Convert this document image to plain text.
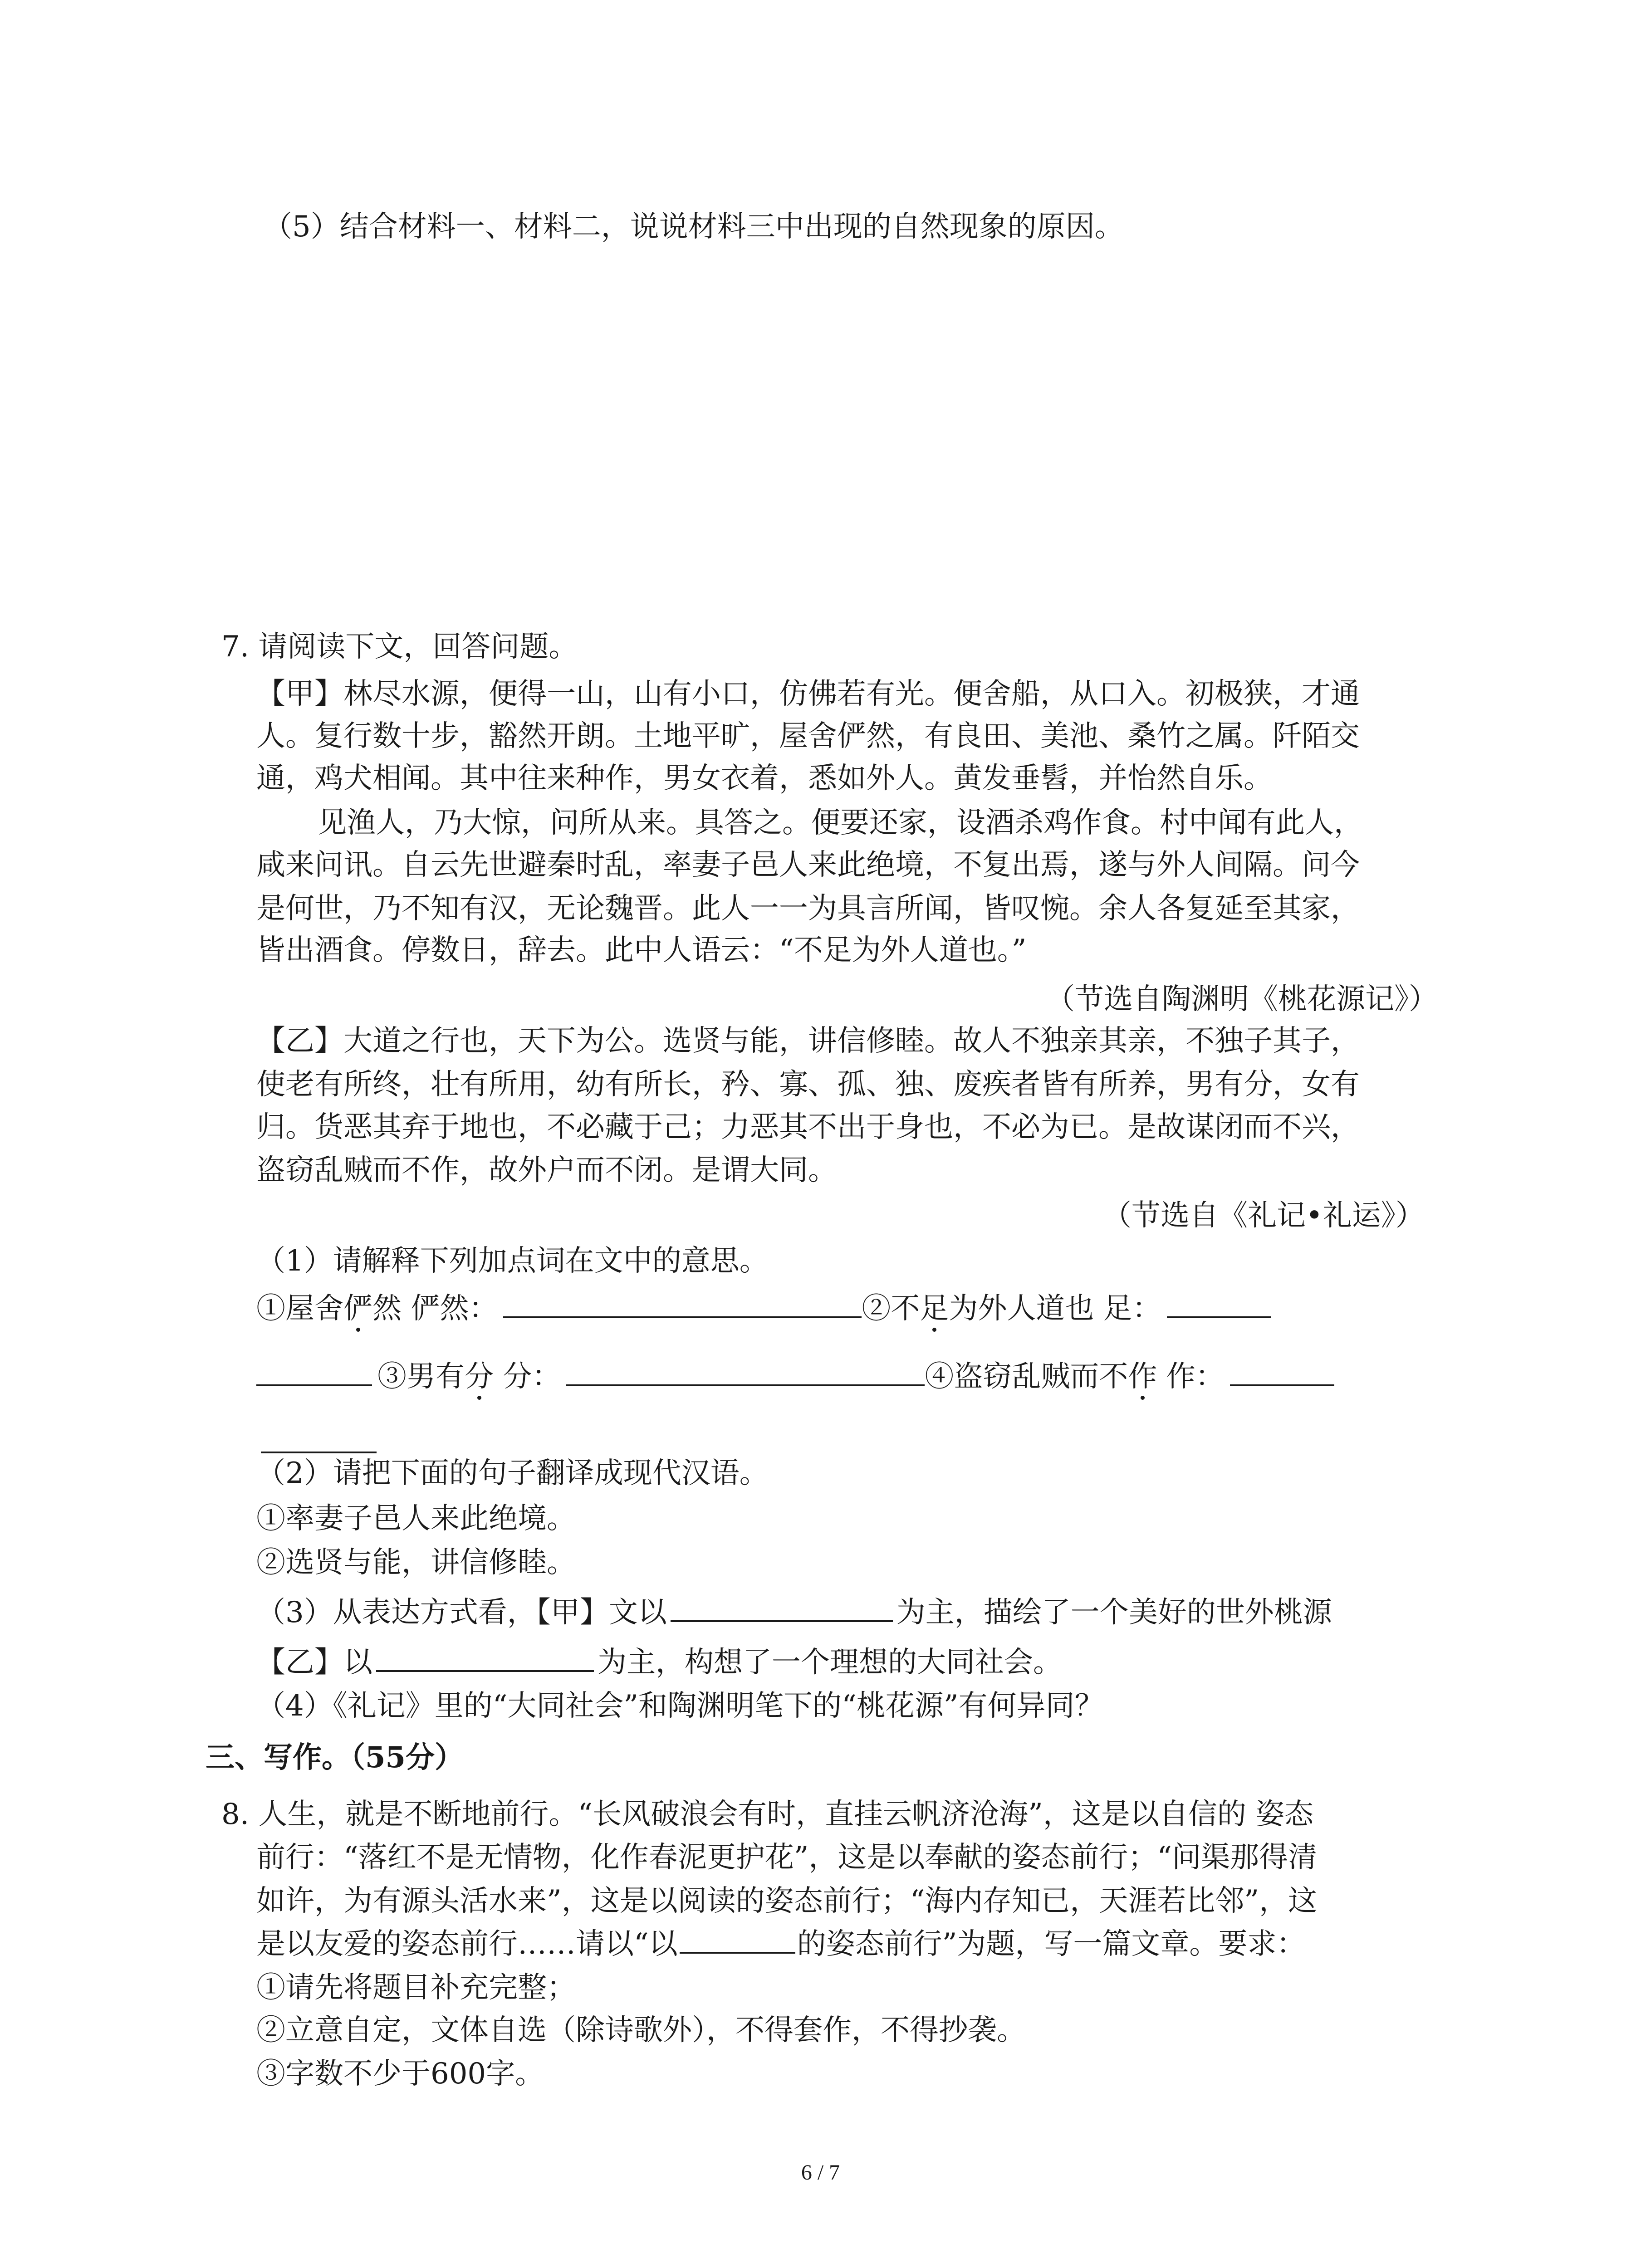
（5）结合材料一、材料二，说说材料三中出现的自然现象的原因。
7. 请阅读下文，回答问题。
【甲】林尽水源，便得一山，山有小口，仿佛若有光。便舍船，从口入。初极狭，才通
人。复行数十步，豁然开朗。土地平旷，屋舍俨然，有良田、美池、桑竹之属。阡陌交
通，鸡犬相闻。其中往来种作，男女衣着，悉如外人。黄发垂髫，并怡然自乐。
见渔人，乃大惊，问所从来。具答之。便要还家，设酒杀鸡作食。村中闻有此人，
咸来问讯。自云先世避秦时乱，率妻子邑人来此绝境，不复出焉，遂与外人间隔。问今
是何世，乃不知有汉，无论魏晋。此人一一为具言所闻，皆叹惋。余人各复延至其家，
皆出酒食。停数日，辞去。此中人语云：“不足为外人道也。”
（节选自陶渊明《桃花源记》）
【乙】大道之行也，天下为公。选贤与能，讲信修睦。故人不独亲其亲，不独子其子，
使老有所终，壮有所用，幼有所长，矜、寡、孤、独、废疾者皆有所养，男有分，女有
归。货恶其弃于地也，不必藏于己；力恶其不出于身也，不必为已。是故谋闭而不兴，
盗窃乱贼而不作，故外户而不闭。是谓大同。
（节选自《礼记•礼运》）
（1）请解释下列加点词在文中的意思。
①屋舍俨然 俨然：	②不足为外人道也 足：
③男有分 分：	④盗窃乱贼而不作 作：
（2）请把下面的句子翻译成现代汉语。
①率妻子邑人来此绝境。
②选贤与能，讲信修睦。
（3）从表达方式看，【甲】文以	为主，描绘了一个美好的世外桃源
【乙】以	为主，构想了一个理想的大同社会。
（4）《礼记》里的“大同社会”和陶渊明笔下的“桃花源”有何异同？
三、写作。（55分）
8. 人生，就是不断地前行。“长风破浪会有时，直挂云帆济沧海”，这是以自信的 姿态
前行：“落红不是无情物，化作春泥更护花”，这是以奉献的姿态前行；“问渠那得清
如许，为有源头活水来”，这是以阅读的姿态前行；“海内存知已，天涯若比邻”，这
是以友爱的姿态前行……请以“以	的姿态前行”为题，写一篇文章。要求：
①请先将题目补充完整；
②立意自定，文体自选（除诗歌外），不得套作，不得抄袭。
③字数不少于600字。
6 / 7
